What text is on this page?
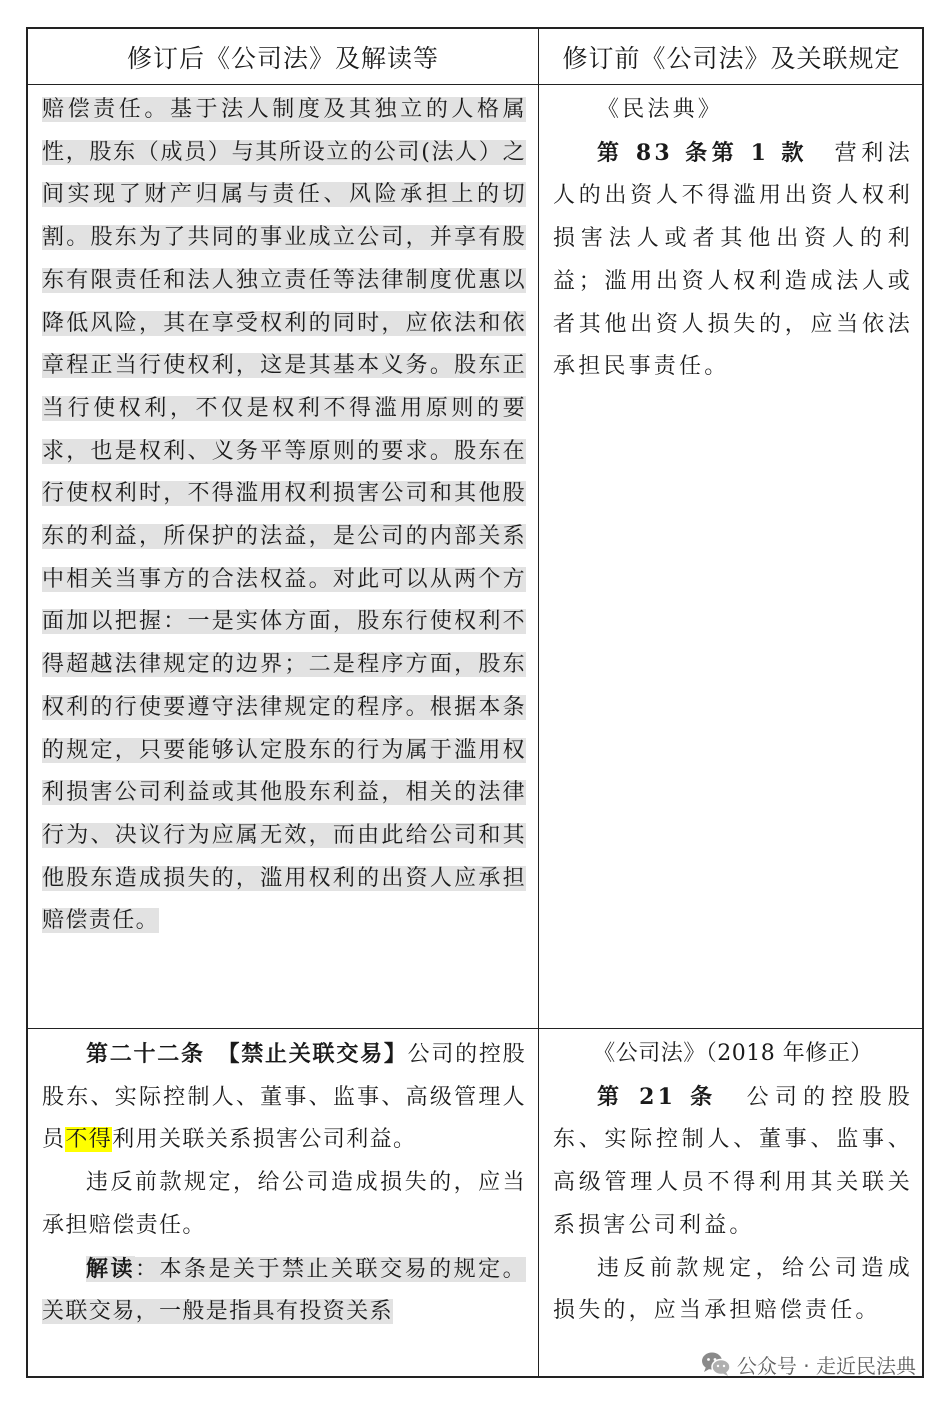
修订后《公司法》及解读等	修订前《公司法》及关联规定

赔偿责任。基于法人制度及其独立的人格属性，股东（成员）与其所设立的公司(法人）之间实现了财产归属与责任、风险承担上的切割。股东为了共同的事业成立公司，并享有股东有限责任和法人独立责任等法律制度优惠以降低风险，其在享受权利的同时，应依法和依章程正当行使权利，这是其基本义务。股东正当行使权利，不仅是权利不得滥用原则的要求，也是权利、义务平等原则的要求。股东在行使权利时，不得滥用权利损害公司和其他股东的利益，所保护的法益，是公司的内部关系中相关当事方的合法权益。对此可以从两个方面加以把握：一是实体方面，股东行使权利不得超越法律规定的边界；二是程序方面，股东权利的行使要遵守法律规定的程序。根据本条的规定，只要能够认定股东的行为属于滥用权利损害公司利益或其他股东利益，相关的法律行为、决议行为应属无效，而由此给公司和其他股东造成损失的，滥用权利的出资人应承担赔偿责任。

《民法典》

第 83 条第 1 款　 营利法人的出资人不得滥用出资人权利损害法人或者其他出资人的利益；滥用出资人权利造成法人或者其他出资人损失的，应当依法承担民事责任。

第二十二条　 【禁止关联交易】公司的控股股东、实际控制人、董事、监事、高级管理人员不得利用关联关系损害公司利益。

违反前款规定，给公司造成损失的，应当承担赔偿责任。

解读：本条是关于禁止关联交易的规定。关联交易，一般是指具有投资关系

《公司法》（2018 年修正）

第 21 条　 公司的控股股东、实际控制人、董事、监事、高级管理人员不得利用其关联关系损害公司利益。

违反前款规定，给公司造成损失的，应当承担赔偿责任。

公众号 · 走近民法典
